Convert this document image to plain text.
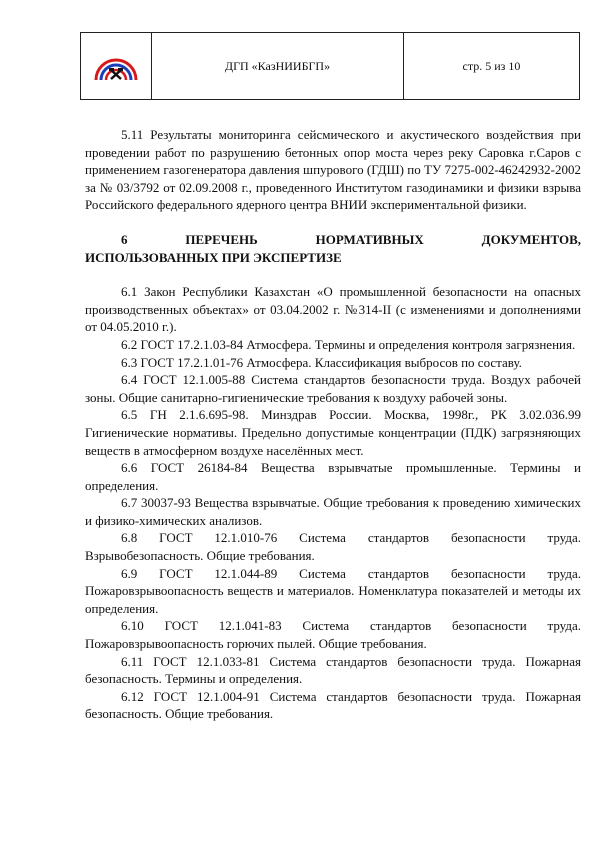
ДГП «КазНИИБГП»	стр. 5 из 10

5.11 Результаты мониторинга сейсмического и акустического воздействия при проведении работ по разрушению бетонных опор моста через реку Саровка г.Саров с применением газогенератора давления шпурового (ГДШ) по ТУ 7275-002-46242932-2002 за № 03/3792 от 02.09.2008 г., проведенного Институтом газодинамики и физики взрыва Российского федерального ядерного центра ВНИИ экспериментальной физики.

6	ПЕРЕЧЕНЬ	НОРМАТИВНЫХ	ДОКУМЕНТОВ,

ИСПОЛЬЗОВАННЫХ ПРИ ЭКСПЕРТИЗЕ

6.1 Закон Республики Казахстан «О промышленной безопасности на опасных производственных объектах» от 03.04.2002 г. №314-II (с изменениями и дополнениями от 04.05.2010 г.).

6.2 ГОСТ 17.2.1.03-84 Атмосфера. Термины и определения контроля загрязнения.

6.3 ГОСТ 17.2.1.01-76 Атмосфера. Классификация выбросов по составу.

6.4 ГОСТ 12.1.005-88 Система стандартов безопасности труда. Воздух рабочей зоны. Общие санитарно-гигиенические требования к воздуху рабочей зоны.

6.5 ГН 2.1.6.695-98. Минздрав России. Москва, 1998г., РК 3.02.036.99 Гигиенические нормативы. Предельно допустимые концентрации (ПДК) загрязняющих веществ в атмосферном воздухе населённых мест.

6.6 ГОСТ 26184-84 Вещества взрывчатые промышленные. Термины и определения.

6.7 30037-93 Вещества взрывчатые. Общие требования к проведению химических и физико-химических анализов.

6.8 ГОСТ 12.1.010-76 Система стандартов безопасности труда. Взрывобезопасность. Общие требования.

6.9 ГОСТ 12.1.044-89 Система стандартов безопасности труда. Пожаровзрывоопасность веществ и материалов. Номенклатура показателей и методы их определения.

6.10 ГОСТ 12.1.041-83 Система стандартов безопасности труда. Пожаровзрывоопасность горючих пылей. Общие требования.

6.11 ГОСТ 12.1.033-81 Система стандартов безопасности труда. Пожарная безопасность. Термины и определения.

6.12 ГОСТ 12.1.004-91 Система стандартов безопасности труда. Пожарная безопасность. Общие требования.
